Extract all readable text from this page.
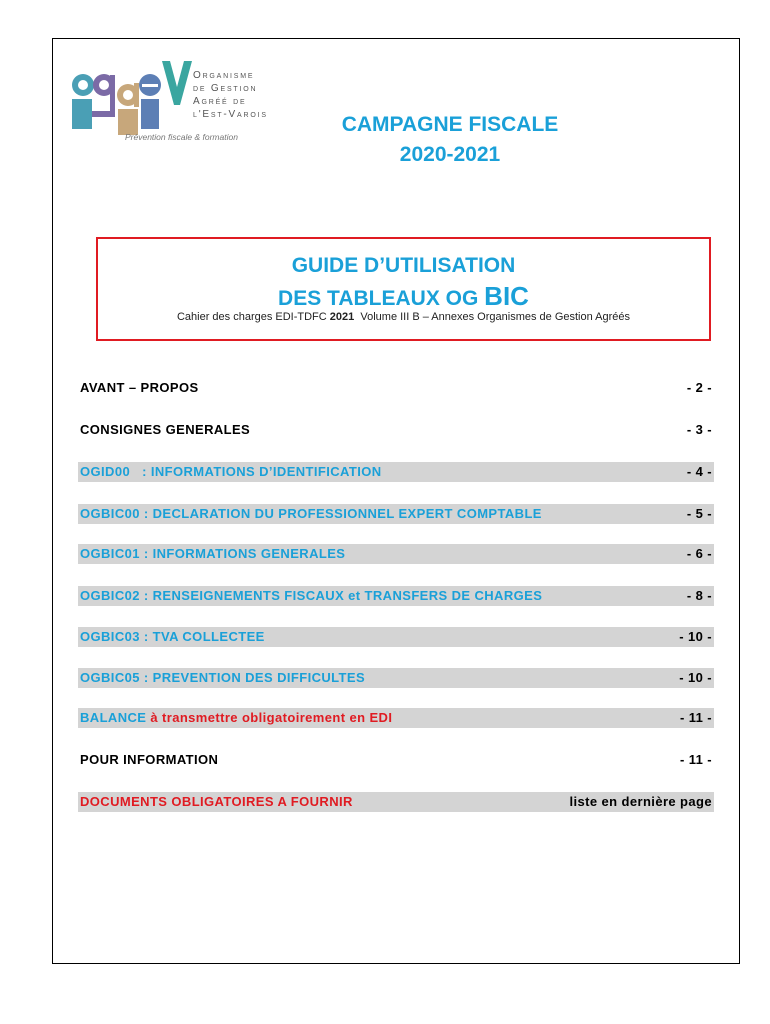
Organisme
de Gestion
Agréé de
l'Est-Varois
Prévention fiscale & formation
CAMPAGNE FISCALE
2020-2021
GUIDE D’UTILISATION
DES TABLEAUX OG BIC
Cahier des charges EDI-TDFC 2021  Volume III B – Annexes Organismes de Gestion Agréés
AVANT – PROPOS	- 2 -
CONSIGNES GENERALES	- 3 -
OGID00   : INFORMATIONS D’IDENTIFICATION	- 4 -
OGBIC00 : DECLARATION DU PROFESSIONNEL EXPERT COMPTABLE	- 5 -
OGBIC01 : INFORMATIONS GENERALES	- 6 -
OGBIC02 : RENSEIGNEMENTS FISCAUX et TRANSFERS DE CHARGES	- 8 -
OGBIC03 : TVA COLLECTEE	- 10 -
OGBIC05 : PREVENTION DES DIFFICULTES	- 10 -
BALANCE à transmettre obligatoirement en EDI	- 11 -
POUR INFORMATION	- 11 -
DOCUMENTS OBLIGATOIRES A FOURNIR	liste en dernière page
